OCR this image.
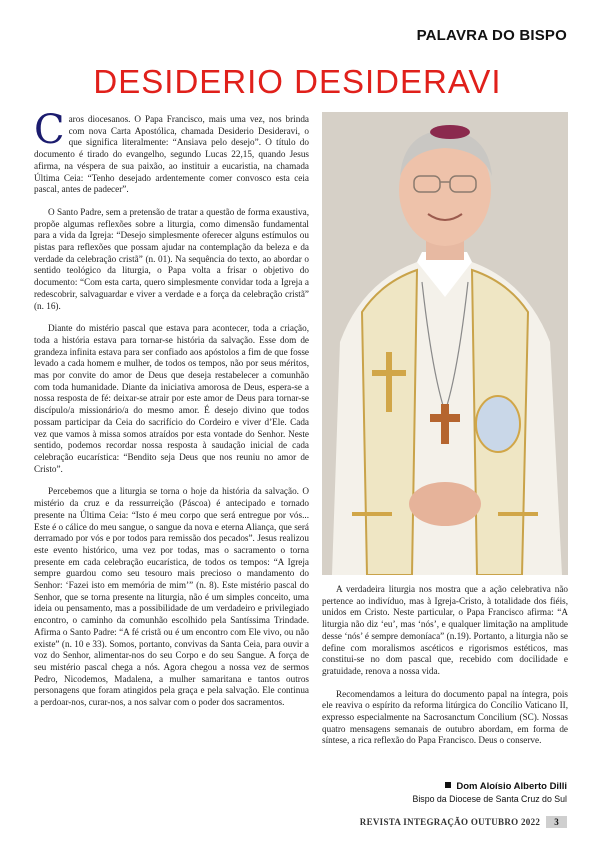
PALAVRA DO BISPO
DESIDERIO DESIDERAVI

Caros diocesanos. O Papa Francisco, mais uma vez, nos brinda com nova Carta Apostólica, chamada Desiderio Desideravi, o que significa literalmente: “Ansiava pelo desejo”. O título do documento é tirado do evangelho, segundo Lucas 22,15, quando Jesus afirma, na véspera de sua paixão, ao instituir a eucaristia, na chamada Última Ceia: “Tenho desejado ardentemente comer convosco esta ceia pascal, antes de padecer”.

O Santo Padre, sem a pretensão de tratar a questão de forma exaustiva, propõe algumas reflexões sobre a liturgia, como dimensão fundamental para a vida da Igreja: “Desejo simplesmente oferecer alguns estímulos ou pistas para reflexões que possam ajudar na contemplação da beleza e da verdade da celebração cristã” (n. 01). Na sequência do texto, ao abordar o sentido teológico da liturgia, o Papa volta a frisar o objetivo do documento: “Com esta carta, quero simplesmente convidar toda a Igreja a redescobrir, salvaguardar e viver a verdade e a força da celebração cristã” (n. 16).

Diante do mistério pascal que estava para acontecer, toda a criação, toda a história estava para tornar-se história da salvação. Esse dom de grandeza infinita estava para ser confiado aos apóstolos a fim de que fosse levado a cada homem e mulher, de todos os tempos, não por seus méritos, mas por convite do amor de Deus que deseja restabelecer a comunhão com toda humanidade. Diante da iniciativa amorosa de Deus, espera-se a nossa resposta de fé: deixar-se atrair por este amor de Deus para tornar-se discípulo/a missionário/a do mesmo amor. É desejo divino que todos possam participar da Ceia do sacrifício do Cordeiro e viver d’Ele. Cada vez que vamos à missa somos atraídos por esta vontade do Senhor. Neste sentido, podemos recordar nossa resposta à saudação inicial de cada celebração eucarística: “Bendito seja Deus que nos reuniu no amor de Cristo”.

Percebemos que a liturgia se torna o hoje da história da salvação. O mistério da cruz e da ressurreição (Páscoa) é antecipado e tornado presente na Última Ceia: “Isto é meu corpo que será entregue por vós... Este é o cálice do meu sangue, o sangue da nova e eterna Aliança, que será derramado por vós e por todos para remissão dos pecados”. Jesus realizou este evento histórico, uma vez por todas, mas o sacramento o torna presente em cada celebração eucarística, de todos os tempos: “A Igreja sempre guardou como seu tesouro mais precioso o mandamento do Senhor: ‘Fazei isto em memória de mim’” (n. 8). Este mistério pascal do Senhor, que se torna presente na liturgia, não é um simples conceito, uma ideia ou pensamento, mas a possibilidade de um verdadeiro e privilegiado encontro, o caminho da comunhão escolhido pela Santíssima Trindade. Afirma o Santo Padre: “A fé cristã ou é um encontro com Ele vivo, ou não existe” (n. 10 e 33). Somos, portanto, convivas da Santa Ceia, para ouvir a voz do Senhor, alimentar-nos do seu Corpo e do seu Sangue. A força de seu mistério pascal chega a nós. Agora chegou a nossa vez de sermos Pedro, Nicodemos, Madalena, a mulher samaritana e tantos outros personagens que foram atingidos pela graça e pela salvação. Ele continua a perdoar-nos, curar-nos, a nos salvar com o poder dos sacramentos.

A verdadeira liturgia nos mostra que a ação celebrativa não pertence ao indivíduo, mas à Igreja-Cristo, à totalidade dos fiéis, unidos em Cristo. Neste particular, o Papa Francisco afirma: “A liturgia não diz ‘eu’, mas ‘nós’, e qualquer limitação na amplitude desse ‘nós’ é sempre demoníaca” (n.19). Portanto, a liturgia não se define com moralismos ascéticos e rigorismos estéticos, mas constitui-se no dom pascal que, recebido com docilidade e gratuidade, renova a nossa vida.

Recomendamos a leitura do documento papal na íntegra, pois ele reaviva o espírito da reforma litúrgica do Concílio Vaticano II, expresso especialmente na Sacrosanctum Concilium (SC). Nossas quatro mensagens semanais de outubro abordam, em forma de síntese, a rica reflexão do Papa Francisco. Deus o conserve.

Dom Aloísio Alberto Dilli
Bispo da Diocese de Santa Cruz do Sul
REVISTA INTEGRAÇÃO OUTUBRO 2022 3
